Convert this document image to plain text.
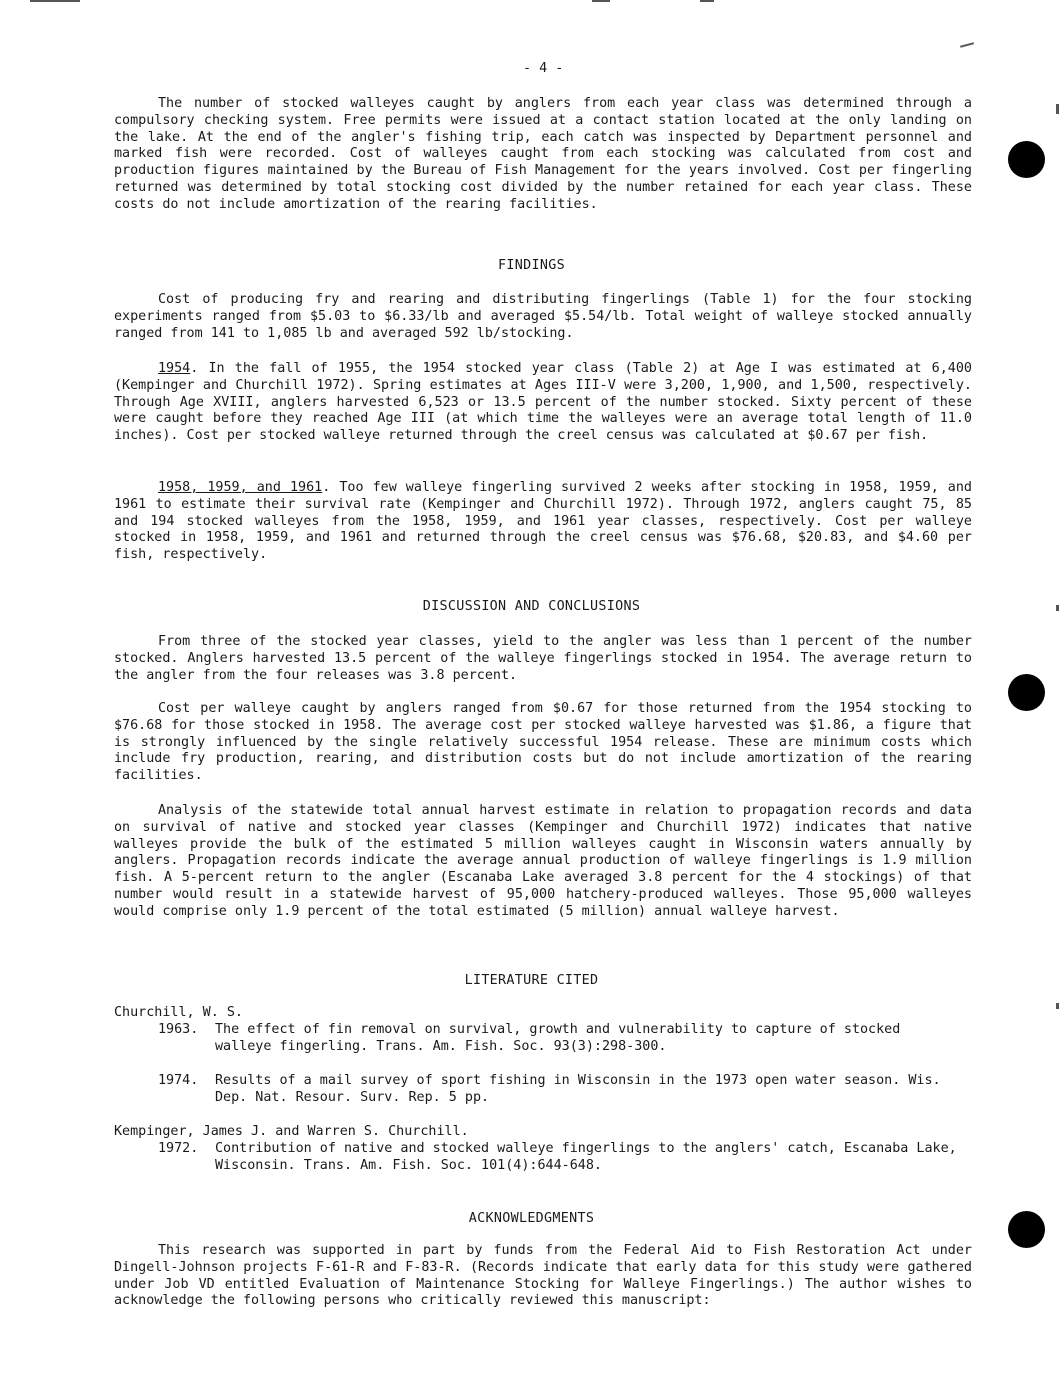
- 4 -

The number of stocked walleyes caught by anglers from each year class was determined through a compulsory checking system. Free permits were issued at a contact station located at the only landing on the lake. At the end of the angler's fishing trip, each catch was inspected by Department personnel and marked fish were recorded. Cost of walleyes caught from each stocking was calculated from cost and production figures maintained by the Bureau of Fish Management for the years involved. Cost per fingerling returned was determined by total stocking cost divided by the number retained for each year class. These costs do not include amortization of the rearing facilities.

FINDINGS

Cost of producing fry and rearing and distributing fingerlings (Table 1) for the four stocking experiments ranged from $5.03 to $6.33/lb and averaged $5.54/lb. Total weight of walleye stocked annually ranged from 141 to 1,085 lb and averaged 592 lb/stocking.

1954. In the fall of 1955, the 1954 stocked year class (Table 2) at Age I was estimated at 6,400 (Kempinger and Churchill 1972). Spring estimates at Ages III-V were 3,200, 1,900, and 1,500, respectively. Through Age XVIII, anglers harvested 6,523 or 13.5 percent of the number stocked. Sixty percent of these were caught before they reached Age III (at which time the walleyes were an average total length of 11.0 inches). Cost per stocked walleye returned through the creel census was calculated at $0.67 per fish.

1958, 1959, and 1961. Too few walleye fingerling survived 2 weeks after stocking in 1958, 1959, and 1961 to estimate their survival rate (Kempinger and Churchill 1972). Through 1972, anglers caught 75, 85 and 194 stocked walleyes from the 1958, 1959, and 1961 year classes, respectively. Cost per walleye stocked in 1958, 1959, and 1961 and returned through the creel census was $76.68, $20.83, and $4.60 per fish, respectively.

DISCUSSION AND CONCLUSIONS

From three of the stocked year classes, yield to the angler was less than 1 percent of the number stocked. Anglers harvested 13.5 percent of the walleye fingerlings stocked in 1954. The average return to the angler from the four releases was 3.8 percent.

Cost per walleye caught by anglers ranged from $0.67 for those returned from the 1954 stocking to $76.68 for those stocked in 1958. The average cost per stocked walleye harvested was $1.86, a figure that is strongly influenced by the single relatively successful 1954 release. These are minimum costs which include fry production, rearing, and distribution costs but do not include amortization of the rearing facilities.

Analysis of the statewide total annual harvest estimate in relation to propagation records and data on survival of native and stocked year classes (Kempinger and Churchill 1972) indicates that native walleyes provide the bulk of the estimated 5 million walleyes caught in Wisconsin waters annually by anglers. Propagation records indicate the average annual production of walleye fingerlings is 1.9 million fish. A 5-percent return to the angler (Escanaba Lake averaged 3.8 percent for the 4 stockings) of that number would result in a statewide harvest of 95,000 hatchery-produced walleyes. Those 95,000 walleyes would comprise only 1.9 percent of the total estimated (5 million) annual walleye harvest.

LITERATURE CITED

Churchill, W. S.

1963. The effect of fin removal on survival, growth and vulnerability to capture of stocked walleye fingerling. Trans. Am. Fish. Soc. 93(3):298-300.
1974. Results of a mail survey of sport fishing in Wisconsin in the 1973 open water season. Wis. Dep. Nat. Resour. Surv. Rep. 5 pp.

Kempinger, James J. and Warren S. Churchill.

1972. Contribution of native and stocked walleye fingerlings to the anglers' catch, Escanaba Lake, Wisconsin. Trans. Am. Fish. Soc. 101(4):644-648.

ACKNOWLEDGMENTS

This research was supported in part by funds from the Federal Aid to Fish Restoration Act under Dingell-Johnson projects F-61-R and F-83-R. (Records indicate that early data for this study were gathered under Job VD entitled Evaluation of Maintenance Stocking for Walleye Fingerlings.) The author wishes to acknowledge the following persons who critically reviewed this manuscript:
